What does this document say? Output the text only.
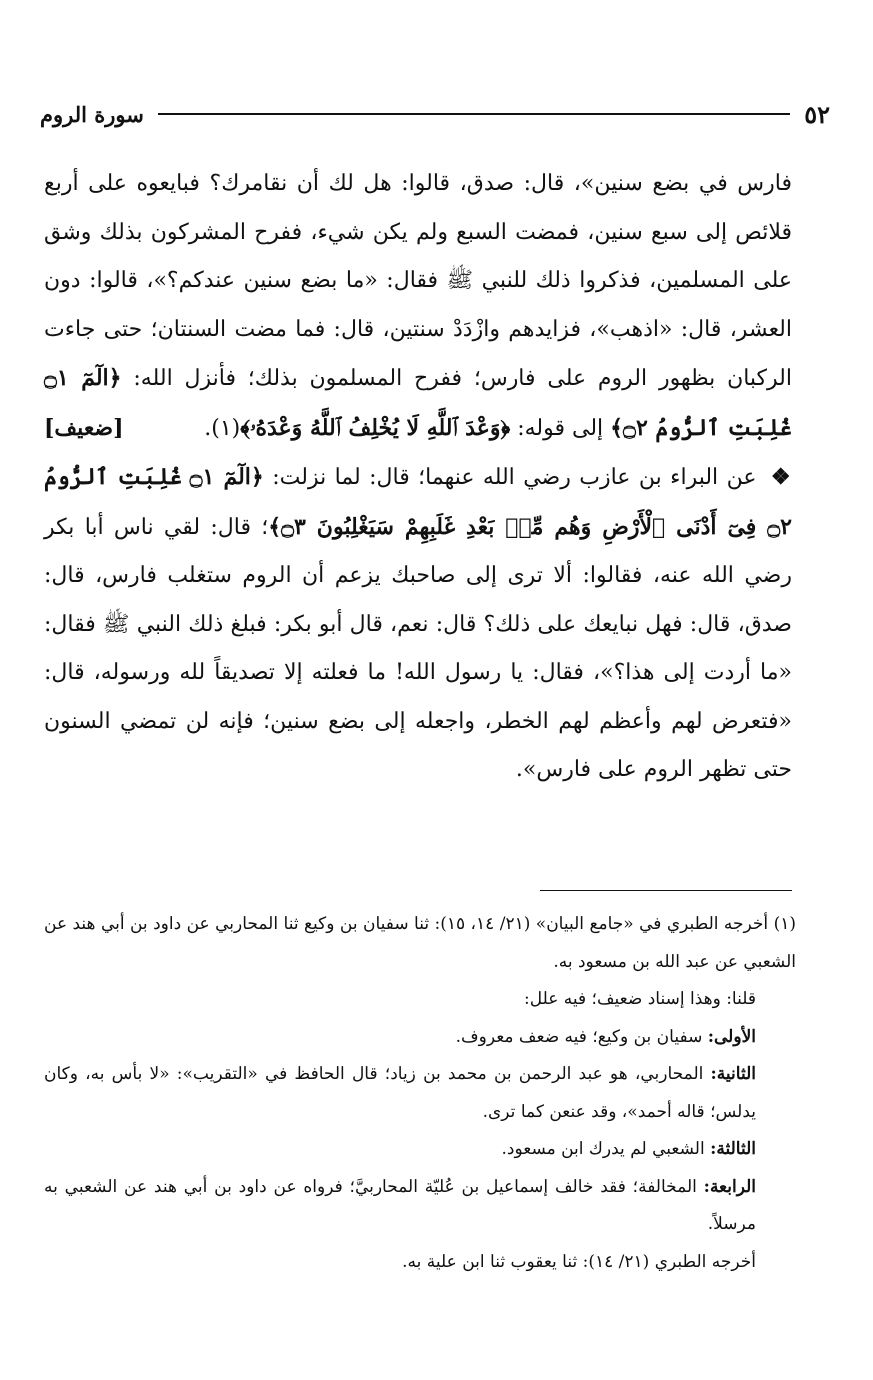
٥٢
سورة الروم

فارس في بضع سنين»، قال: صدق، قالوا: هل لك أن نقامرك؟ فبايعوه على أربع قلائص إلى سبع سنين، فمضت السبع ولم يكن شيء، ففرح المشركون بذلك وشق على المسلمين، فذكروا ذلك للنبي ﷺ فقال: «ما بضع سنين عندكم؟»، قالوا: دون العشر، قال: «اذهب»، فزايدهم وازْدَدْ سنتين، قال: فما مضت السنتان؛ حتى جاءت الركبان بظهور الروم على فارس؛ ففرح المسلمون بذلك؛ فأنزل الله: ﴿الٓمٓ ۝١ غُلِبَتِ ٱلرُّومُ ۝٢﴾ إلى قوله: ﴿وَعْدَ ٱللَّهِ لَا يُخْلِفُ ٱللَّهُ وَعْدَهُۥ﴾(١).
[ضعيف]

❖ عن البراء بن عازب رضي الله عنهما؛ قال: لما نزلت: ﴿الٓمٓ ۝١ غُلِبَتِ ٱلرُّومُ ۝٢ فِىٓ أَدْنَى ٱلْأَرْضِ وَهُم مِّنۢ بَعْدِ غَلَبِهِمْ سَيَغْلِبُونَ ۝٣﴾؛ قال: لقي ناس أبا بكر رضي الله عنه، فقالوا: ألا ترى إلى صاحبك يزعم أن الروم ستغلب فارس، قال: صدق، قال: فهل نبايعك على ذلك؟ قال: نعم، قال أبو بكر: فبلغ ذلك النبي ﷺ فقال: «ما أردت إلى هذا؟»، فقال: يا رسول الله! ما فعلته إلا تصديقاً لله ورسوله، قال: «فتعرض لهم وأعظم لهم الخطر، واجعله إلى بضع سنين؛ فإنه لن تمضي السنون حتى تظهر الروم على فارس».

(١) أخرجه الطبري في «جامع البيان» (٢١/ ١٤، ١٥): ثنا سفيان بن وكيع ثنا المحاربي عن داود بن أبي هند عن الشعبي عن عبد الله بن مسعود به.

قلنا: وهذا إسناد ضعيف؛ فيه علل:

الأولى: سفيان بن وكيع؛ فيه ضعف معروف.

الثانية: المحاربي، هو عبد الرحمن بن محمد بن زياد؛ قال الحافظ في «التقريب»: «لا بأس به، وكان يدلس؛ قاله أحمد»، وقد عنعن كما ترى.

الثالثة: الشعبي لم يدرك ابن مسعود.

الرابعة: المخالفة؛ فقد خالف إسماعيل بن عُليّة المحاربيَّ؛ فرواه عن داود بن أبي هند عن الشعبي به مرسلاً.

أخرجه الطبري (٢١/ ١٤): ثنا يعقوب ثنا ابن علية به.
